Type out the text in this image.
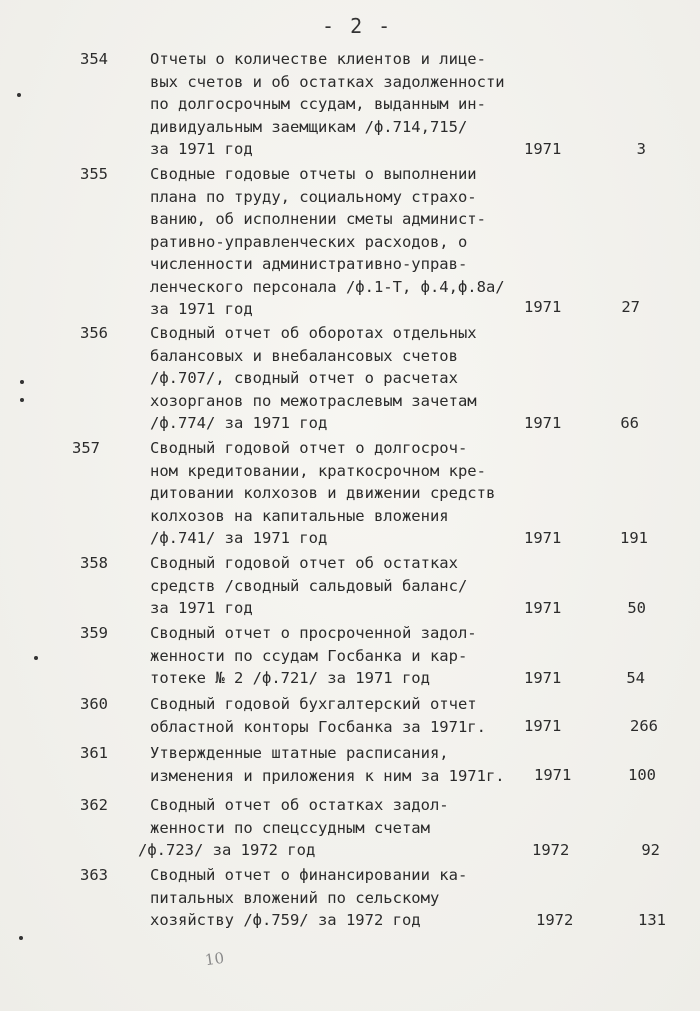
- 2 -
354	Отчеты о количестве клиентов и лице-
вых счетов и об остатках задолженности
по долгосрочным ссудам, выданным ин-
дивидуальным заемщикам /ф.714,715/
за 1971 год	1971	3
355	Сводные годовые отчеты о выполнении
плана по труду, социальному страхо-
ванию, об исполнении сметы админист-
ративно-управленческих расходов, о
численности административно-управ-
ленческого персонала /ф.1-Т, ф.4,ф.8а/
за 1971 год	1971	27
356	Сводный отчет об оборотах отдельных
балансовых и внебалансовых счетов
/ф.707/, сводный отчет о расчетах
хозорганов по межотраслевым зачетам
/ф.774/ за 1971 год	1971	66
357	Сводный годовой отчет о долгосроч-
ном кредитовании, краткосрочном кре-
дитовании колхозов и движении средств
колхозов на капитальные вложения
/ф.741/ за 1971 год	1971	191
358	Сводный годовой отчет об остатках
средств /сводный сальдовый баланс/
за 1971 год	1971	50
359	Сводный отчет о просроченной задол-
женности по ссудам Госбанка и кар-
тотеке № 2 /ф.721/ за 1971 год	1971	54
360	Сводный годовой бухгалтерский отчет
областной конторы Госбанка за 1971г.	1971	266
361	Утвержденные штатные расписания,
изменения и приложения к ним за 1971г.	1971	100
362	Сводный отчет об остатках задол-
женности по спецссудным счетам
/ф.723/ за 1972 год	1972	92
363	Сводный отчет о финансировании ка-
питальных вложений по сельскому
хозяйству /ф.759/ за 1972 год	1972	131
10
